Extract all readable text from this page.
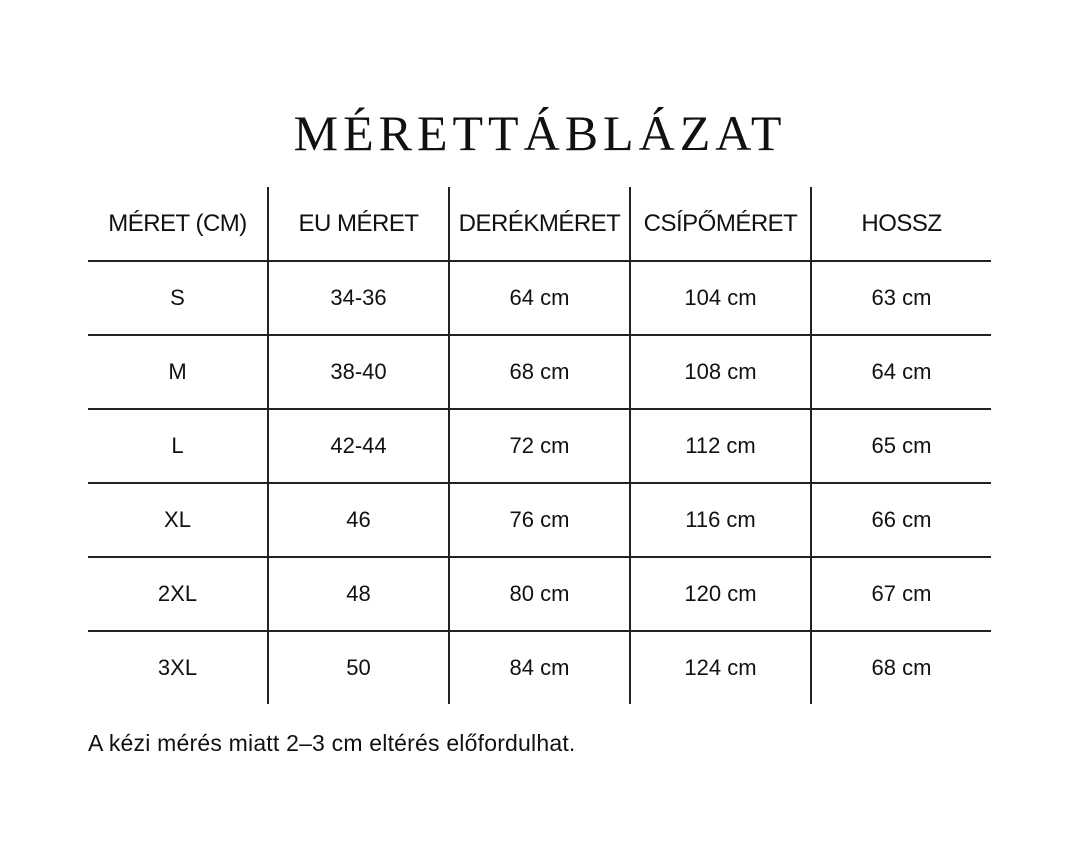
MÉRETTÁBLÁZAT
MÉRET (CM)	EU MÉRET	DERÉKMÉRET	CSÍPŐMÉRET	HOSSZ
S	34-36	64 cm	104 cm	63 cm
M	38-40	68 cm	108 cm	64 cm
L	42-44	72 cm	112 cm	65 cm
XL	46	76 cm	116 cm	66 cm
2XL	48	80 cm	120 cm	67 cm
3XL	50	84 cm	124 cm	68 cm

A kézi mérés miatt 2–3 cm eltérés előfordulhat.
